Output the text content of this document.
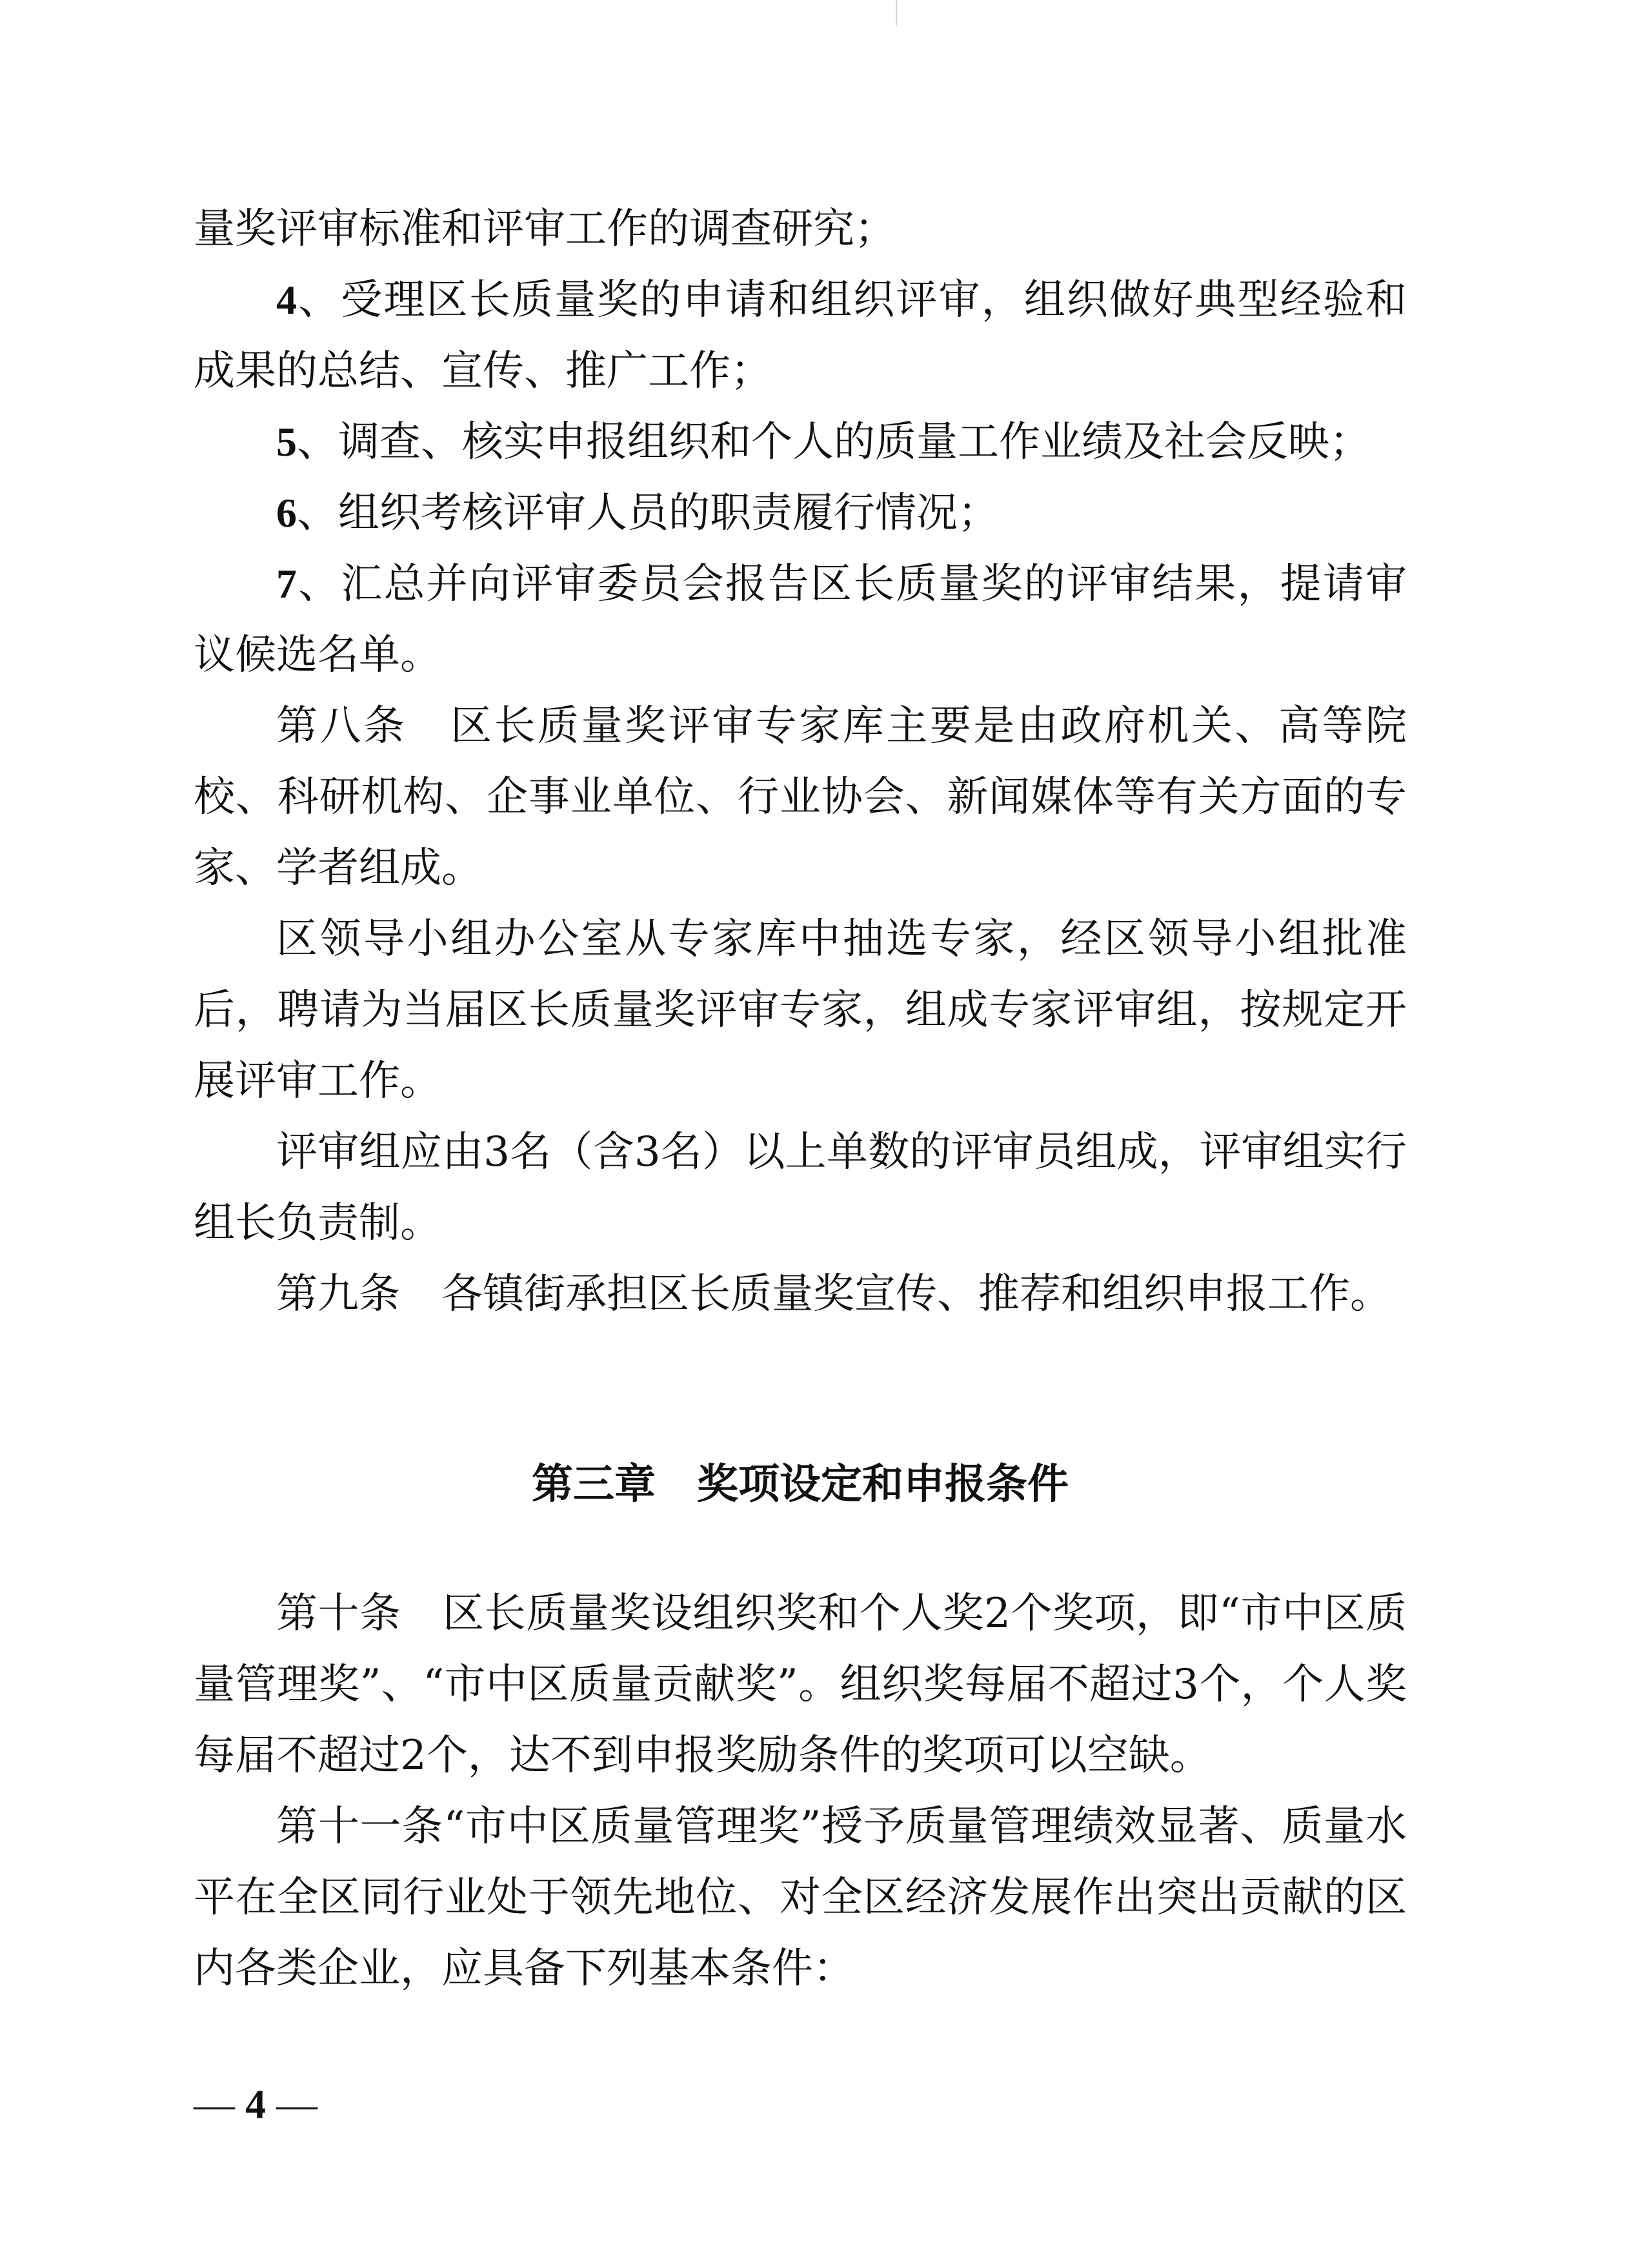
量奖评审标准和评审工作的调查研究；

4、受理区长质量奖的申请和组织评审，组织做好典型经验和成果的总结、宣传、推广工作；

5、调查、核实申报组织和个人的质量工作业绩及社会反映；

6、组织考核评审人员的职责履行情况；

7、汇总并向评审委员会报告区长质量奖的评审结果，提请审议候选名单。

第八条　区长质量奖评审专家库主要是由政府机关、高等院校、科研机构、企事业单位、行业协会、新闻媒体等有关方面的专家、学者组成。

区领导小组办公室从专家库中抽选专家，经区领导小组批准后，聘请为当届区长质量奖评审专家，组成专家评审组，按规定开展评审工作。

评审组应由3名（含3名）以上单数的评审员组成，评审组实行组长负责制。

第九条　各镇街承担区长质量奖宣传、推荐和组织申报工作。

第三章　奖项设定和申报条件

第十条　区长质量奖设组织奖和个人奖2个奖项，即“市中区质量管理奖”、“市中区质量贡献奖”。组织奖每届不超过3个，个人奖每届不超过2个，达不到申报奖励条件的奖项可以空缺。

第十一条“市中区质量管理奖”授予质量管理绩效显著、质量水平在全区同行业处于领先地位、对全区经济发展作出突出贡献的区内各类企业，应具备下列基本条件：

— 4 —
